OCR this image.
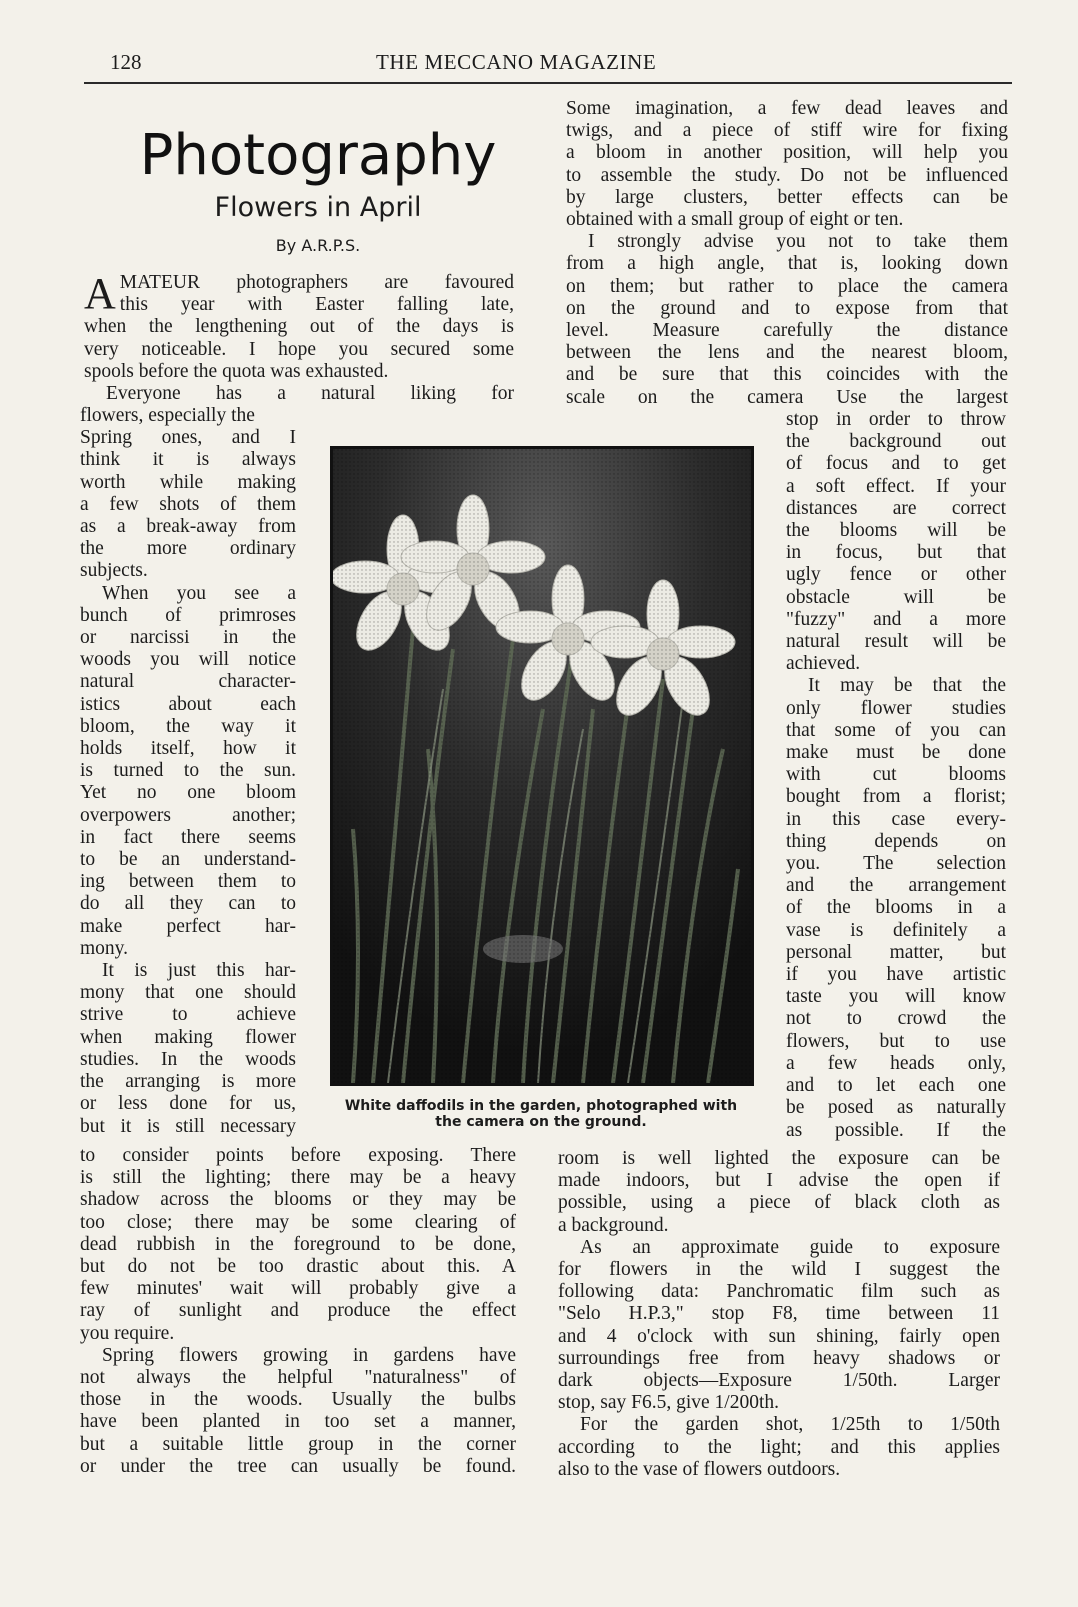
128	THE MECCANO MAGAZINE
Photography
Flowers in April
By A.R.P.S.

AMATEUR photographers are favoured

this year with Easter falling late,

when the lengthening out of the days is

very noticeable. I hope you secured some

spools before the quota was exhausted.

Everyone has a natural liking for

flowers, especially the

Spring ones, and I

think it is always

worth while making

a few shots of them

as a break-away from

the more ordinary

subjects.

When you see a

bunch of primroses

or narcissi in the

woods you will notice

natural character-

istics about each

bloom, the way it

holds itself, how it

is turned to the sun.

Yet no one bloom

overpowers another;

in fact there seems

to be an understand-

ing between them to

do all they can to

make perfect har-

mony.

It is just this har-

mony that one should

strive to achieve

when making flower

studies. In the woods

the arranging is more

or less done for us,

but it is still necessary

to consider points before exposing. There

is still the lighting; there may be a heavy

shadow across the blooms or they may be

too close; there may be some clearing of

dead rubbish in the foreground to be done,

but do not be too drastic about this. A

few minutes' wait will probably give a

ray of sunlight and produce the effect

you require.

Spring flowers growing in gardens have

not always the helpful "naturalness" of

those in the woods. Usually the bulbs

have been planted in too set a manner,

but a suitable little group in the corner

or under the tree can usually be found.

Some imagination, a few dead leaves and

twigs, and a piece of stiff wire for fixing

a bloom in another position, will help you

to assemble the study. Do not be influenced

by large clusters, better effects can be

obtained with a small group of eight or ten.

I strongly advise you not to take them

from a high angle, that is, looking down

on them; but rather to place the camera

on the ground and to expose from that

level. Measure carefully the distance

between the lens and the nearest bloom,

and be sure that this coincides with the

scale on the camera Use the largest

stop in order to throw

the background out

of focus and to get

a soft effect. If your

distances are correct

the blooms will be

in focus, but that

ugly fence or other

obstacle will be

"fuzzy" and a more

natural result will be

achieved.

It may be that the

only flower studies

that some of you can

make must be done

with cut blooms

bought from a florist;

in this case every-

thing depends on

you. The selection

and the arrangement

of the blooms in a

vase is definitely a

personal matter, but

if you have artistic

taste you will know

not to crowd the

flowers, but to use

a few heads only,

and to let each one

be posed as naturally

as possible. If the

room is well lighted the exposure can be

made indoors, but I advise the open if

possible, using a piece of black cloth as

a background.

As an approximate guide to exposure

for flowers in the wild I suggest the

following data: Panchromatic film such as

"Selo H.P.3," stop F8, time between 11

and 4 o'clock with sun shining, fairly open

surroundings free from heavy shadows or

dark objects—Exposure 1/50th. Larger

stop, say F6.5, give 1/200th.

For the garden shot, 1/25th to 1/50th

according to the light; and this applies

also to the vase of flowers outdoors.

White daffodils in the garden, photographed with
the camera on the ground.
